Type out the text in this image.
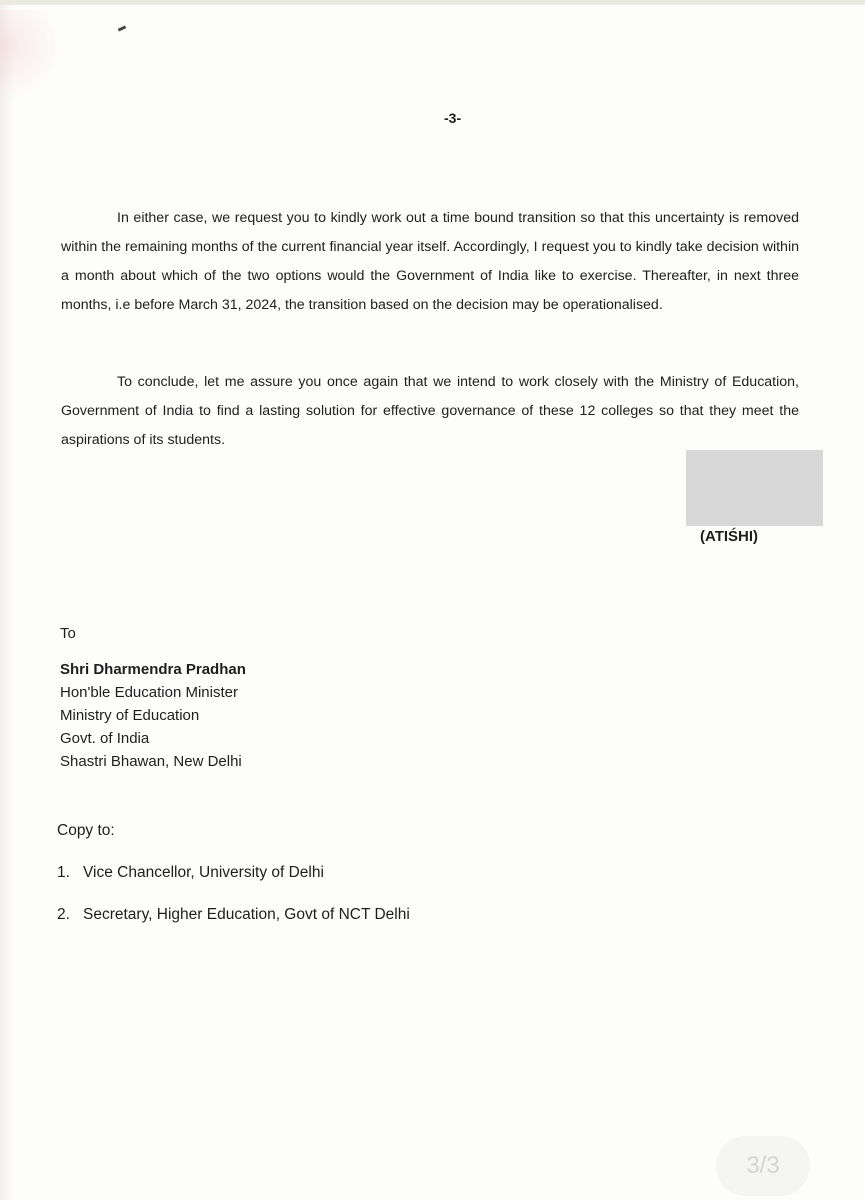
-3-

In either case, we request you to kindly work out a time bound transition so that this uncertainty is removed within the remaining months of the current financial year itself. Accordingly, I request you to kindly take decision within a month about which of the two options would the Government of India like to exercise. Thereafter, in next three months, i.e before March 31, 2024, the transition based on the decision may be operationalised.

To conclude, let me assure you once again that we intend to work closely with the Ministry of Education, Government of India to find a lasting solution for effective governance of these 12 colleges so that they meet the aspirations of its students.

(ATIŚHI)
To
Shri Dharmendra Pradhan
Hon'ble Education Minister
Ministry of Education
Govt. of India
Shastri Bhawan, New Delhi
Copy to:
1. Vice Chancellor, University of Delhi
2. Secretary, Higher Education, Govt of NCT Delhi
3/3
